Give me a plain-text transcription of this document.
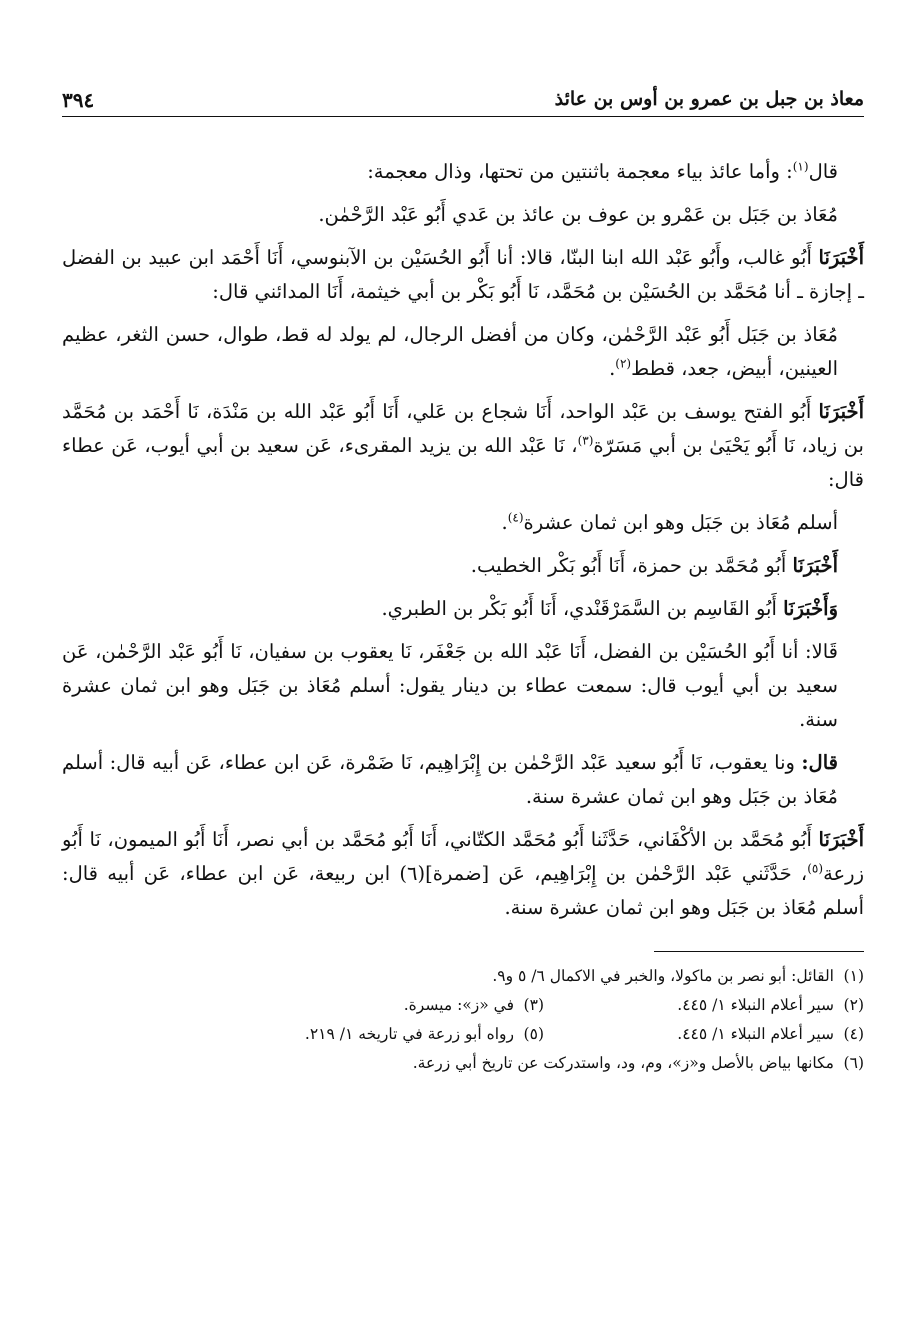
معاذ بن جبل بن عمرو بن أوس بن عائذ
٣٩٤

قال$^{(١)}$: وأما عائذ بياء معجمة باثنتين من تحتها، وذال معجمة:

مُعَاذ بن جَبَل بن عَمْرو بن عوف بن عائذ بن عَدي أَبُو عَبْد الرَّحْمٰن.

أَخْبَرَنَا أَبُو غالب، وأَبُو عَبْد الله ابنا البنّا، قالا: أنا أَبُو الحُسَيْن بن الآبنوسي، أَنَا أَحْمَد ابن عبيد بن الفضل ـ إجازة ـ أنا مُحَمَّد بن الحُسَيْن بن مُحَمَّد، نَا أَبُو بَكْر بن أبي خيثمة، أَنَا المدائني قال:

مُعَاذ بن جَبَل أَبُو عَبْد الرَّحْمٰن، وكان من أفضل الرجال، لم يولد له قط، طوال، حسن الثغر، عظيم العينين، أبيض، جعد، قطط$^{(٢)}$.

أَخْبَرَنَا أَبُو الفتح يوسف بن عَبْد الواحد، أَنَا شجاع بن عَلي، أَنَا أَبُو عَبْد الله بن مَنْدَة، نَا أَحْمَد بن مُحَمَّد بن زياد، نَا أَبُو يَحْيَىٰ بن أبي مَسَرّة$^{(٣)}$، نَا عَبْد الله بن يزيد المقرىء، عَن سعيد بن أبي أيوب، عَن عطاء قال:

أسلم مُعَاذ بن جَبَل وهو ابن ثمان عشرة$^{(٤)}$.

أَخْبَرَنَا أَبُو مُحَمَّد بن حمزة، أَنَا أَبُو بَكْر الخطيب.

وَأَخْبَرَنَا أَبُو القَاسِم بن السَّمَرْقَنْدي، أَنَا أَبُو بَكْر بن الطبري.

قَالا: أنا أَبُو الحُسَيْن بن الفضل، أَنَا عَبْد الله بن جَعْفَر، نَا يعقوب بن سفيان، نَا أَبُو عَبْد الرَّحْمٰن، عَن سعيد بن أبي أيوب قال: سمعت عطاء بن دينار يقول: أسلم مُعَاذ بن جَبَل وهو ابن ثمان عشرة سنة.

قال: ونا يعقوب، نَا أَبُو سعيد عَبْد الرَّحْمٰن بن إِبْرَاهِيم، نَا ضَمْرة، عَن ابن عطاء، عَن أبيه قال: أسلم مُعَاذ بن جَبَل وهو ابن ثمان عشرة سنة.

أَخْبَرَنَا أَبُو مُحَمَّد بن الأكْفَاني، حَدَّثَنا أَبُو مُحَمَّد الكتّاني، أَنَا أَبُو مُحَمَّد بن أبي نصر، أَنَا أَبُو الميمون، نَا أَبُو زرعة$^{(٥)}$، حَدَّثَني عَبْد الرَّحْمٰن بن إِبْرَاهِيم، عَن [ضمرة](٦) ابن ربيعة، عَن ابن عطاء، عَن أبيه قال: أسلم مُعَاذ بن جَبَل وهو ابن ثمان عشرة سنة.

(١)القائل: أبو نصر بن ماكولا، والخبر في الاكمال ٦/ ٥ و٩.
(٢)سير أعلام النبلاء ١/ ٤٤٥.
(٣)في «ز»: ميسرة.
(٤)سير أعلام النبلاء ١/ ٤٤٥.
(٥)رواه أبو زرعة في تاريخه ١/ ٢١٩.
(٦)مكانها بياض بالأصل و«ز»، وم، ود، واستدركت عن تاريخ أبي زرعة.
